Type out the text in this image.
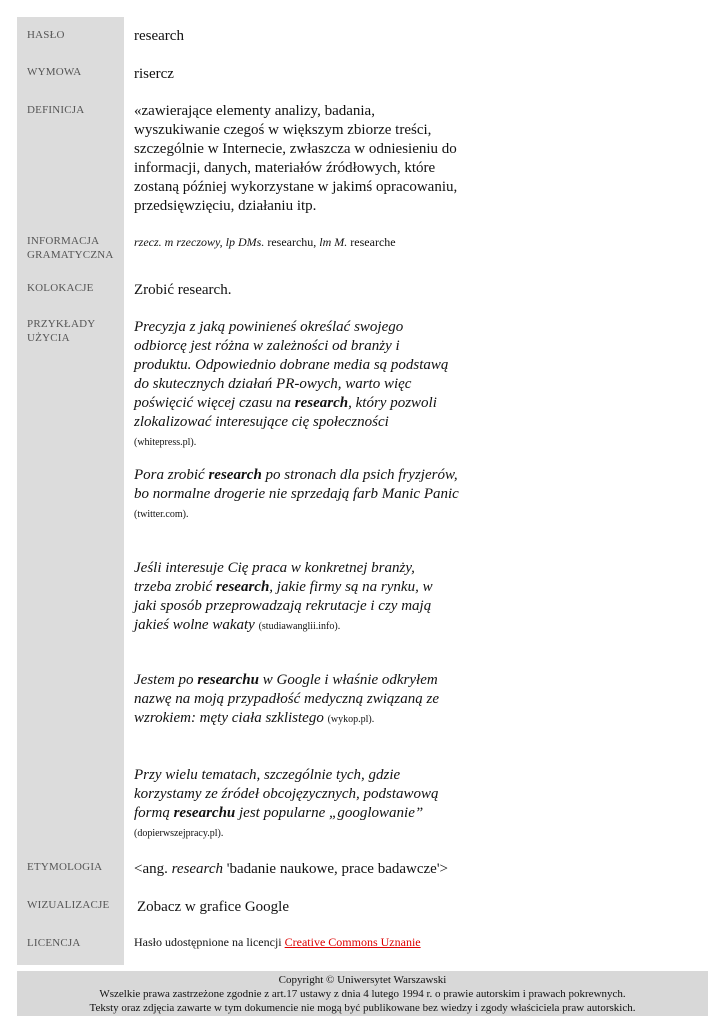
HASŁO
WYMOWA
DEFINICJA
INFORMACJA
GRAMATYCZNA
KOLOKACJE
PRZYKŁADY
UŻYCIA
ETYMOLOGIA
WIZUALIZACJE
LICENCJA
research
risercz
«zawierające elementy analizy, badania, wyszukiwanie czegoś w większym zbiorze treści, szczególnie w Internecie, zwłaszcza w odniesieniu do informacji, danych, materiałów źródłowych, które zostaną później wykorzystane w jakimś opracowaniu, przedsięwzięciu, działaniu itp.
rzecz. m rzeczowy, lp DMs. researchu, lm M. researche
Zrobić research.
Precyzja z jaką powinieneś określać swojego odbiorcę jest różna w zależności od branży i produktu. Odpowiednio dobrane media są podstawą do skutecznych działań PR-owych, warto więc poświęcić więcej czasu na research, który pozwoli zlokalizować interesujące cię społeczności (whitepress.pl).
Pora zrobić research po stronach dla psich fryzjerów, bo normalne drogerie nie sprzedają farb Manic Panic (twitter.com).
Jeśli interesuje Cię praca w konkretnej branży, trzeba zrobić research, jakie firmy są na rynku, w jaki sposób przeprowadzają rekrutacje i czy mają jakieś wolne wakaty (studiawanglii.info).
Jestem po researchu w Google i właśnie odkryłem nazwę na moją przypadłość medyczną związaną ze wzrokiem: męty ciała szklistego (wykop.pl).
Przy wielu tematach, szczególnie tych, gdzie korzystamy ze źródeł obcojęzycznych, podstawową formą researchu jest popularne „googlowanie” (dopierwszejpracy.pl).
<ang. research 'badanie naukowe, prace badawcze'>
Zobacz w grafice Google
Hasło udostępnione na licencji Creative Commons Uznanie
Copyright © Uniwersytet Warszawski
Wszelkie prawa zastrzeżone zgodnie z art.17 ustawy z dnia 4 lutego 1994 r. o prawie autorskim i prawach pokrewnych.
Teksty oraz zdjęcia zawarte w tym dokumencie nie mogą być publikowane bez wiedzy i zgody właściciela praw autorskich.
